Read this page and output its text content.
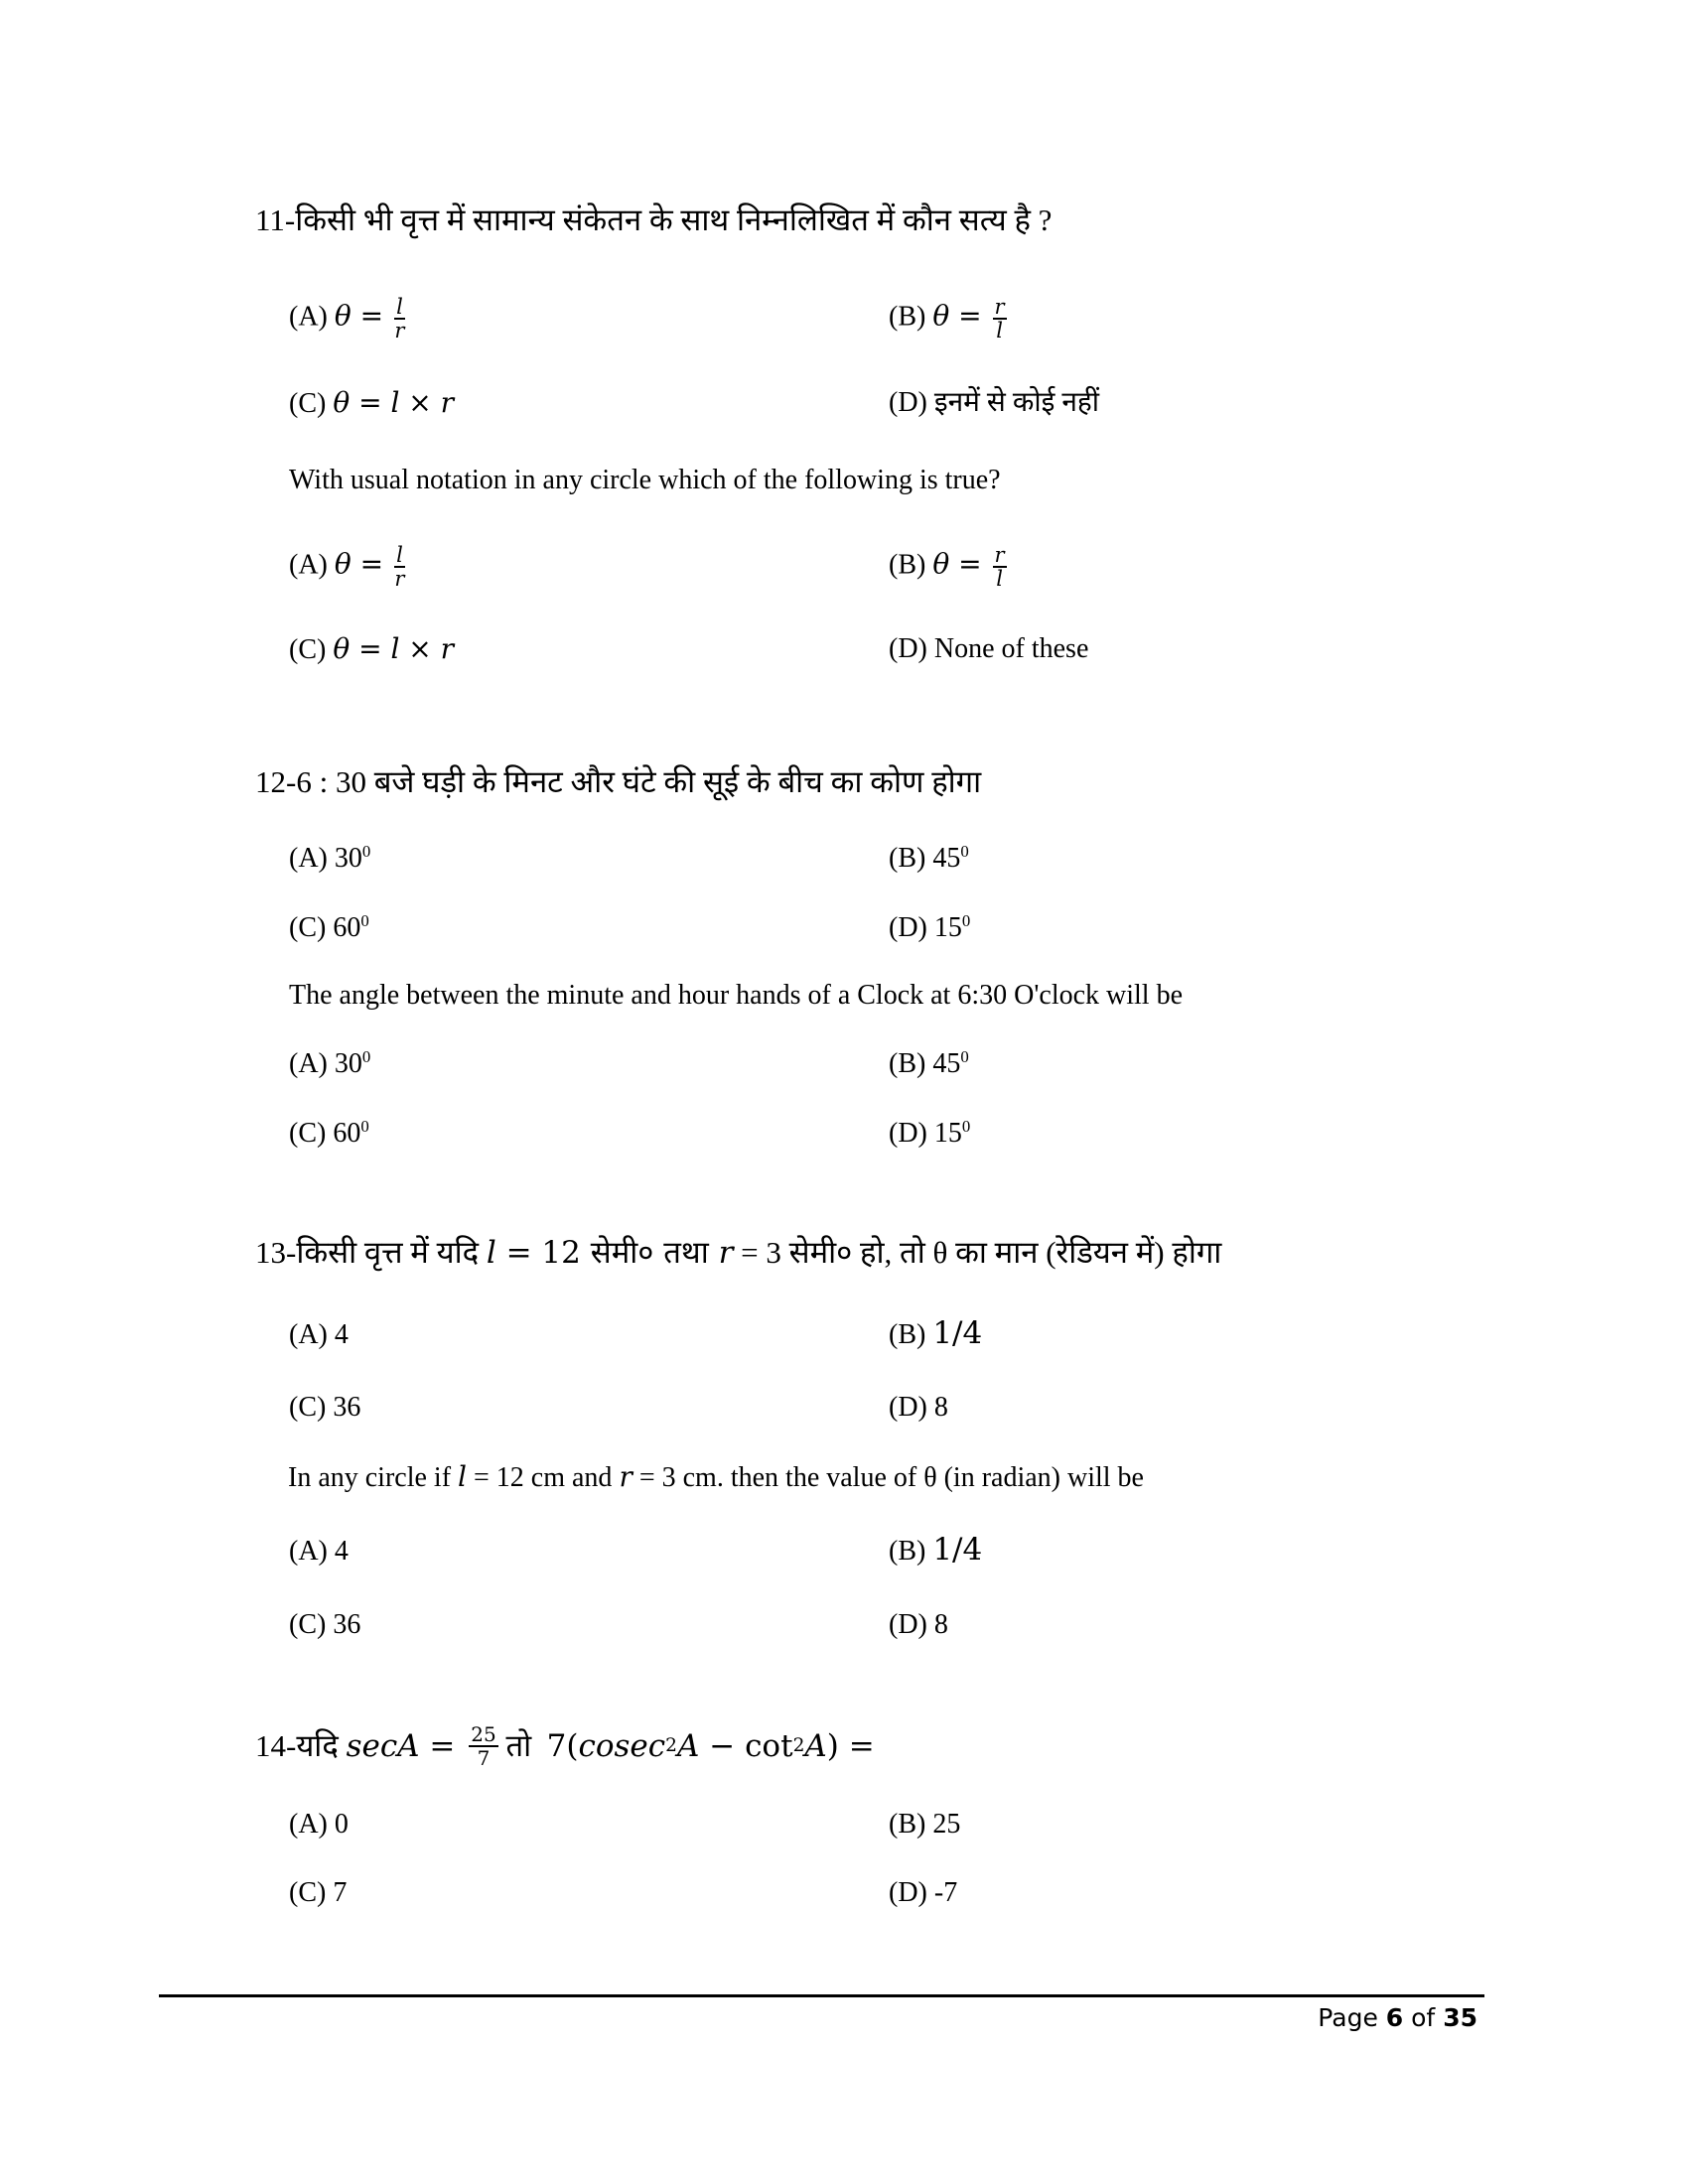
11-किसी भी वृत्त में सामान्य संकेतन के साथ निम्नलिखित में कौन सत्य है ?
(A) $\theta = \frac{l}{r}$	(B) $\theta = \frac{r}{l}$
(C) θ = l × r	(D) इनमें से कोई नहीं
With usual notation in any circle which of the following is true?
(A) $\theta = \frac{l}{r}$	(B) $\theta = \frac{r}{l}$
(C) θ = l × r	(D) None of these
12-6 : 30 बजे घड़ी के मिनट और घंटे की सूई के बीच का कोण होगा
(A) $30^0$	(B) $45^0$
(C) $60^0$	(D) $15^0$
The angle between the minute and hour hands of a Clock at 6:30 O'clock will be
(A) $30^0$	(B) $45^0$
(C) $60^0$	(D) $15^0$
13-किसी वृत्त में यदि l = 12 सेमी० तथा r = 3 सेमी० हो, तो θ का मान (रेडियन में) होगा
(A) 4	(B) 1/4
(C) 36	(D) 8
In any circle if l = 12 cm and r = 3 cm. then the value of θ (in radian) will be
(A) 4	(B) 1/4
(C) 36	(D) 8
14- यदि
$\sec A = \frac{25}{7}$ तो
7( cosec 2 A − cot 2 A ) =
(A) 0	(B) 25
(C) 7	(D) -7
Page 6 of 35
